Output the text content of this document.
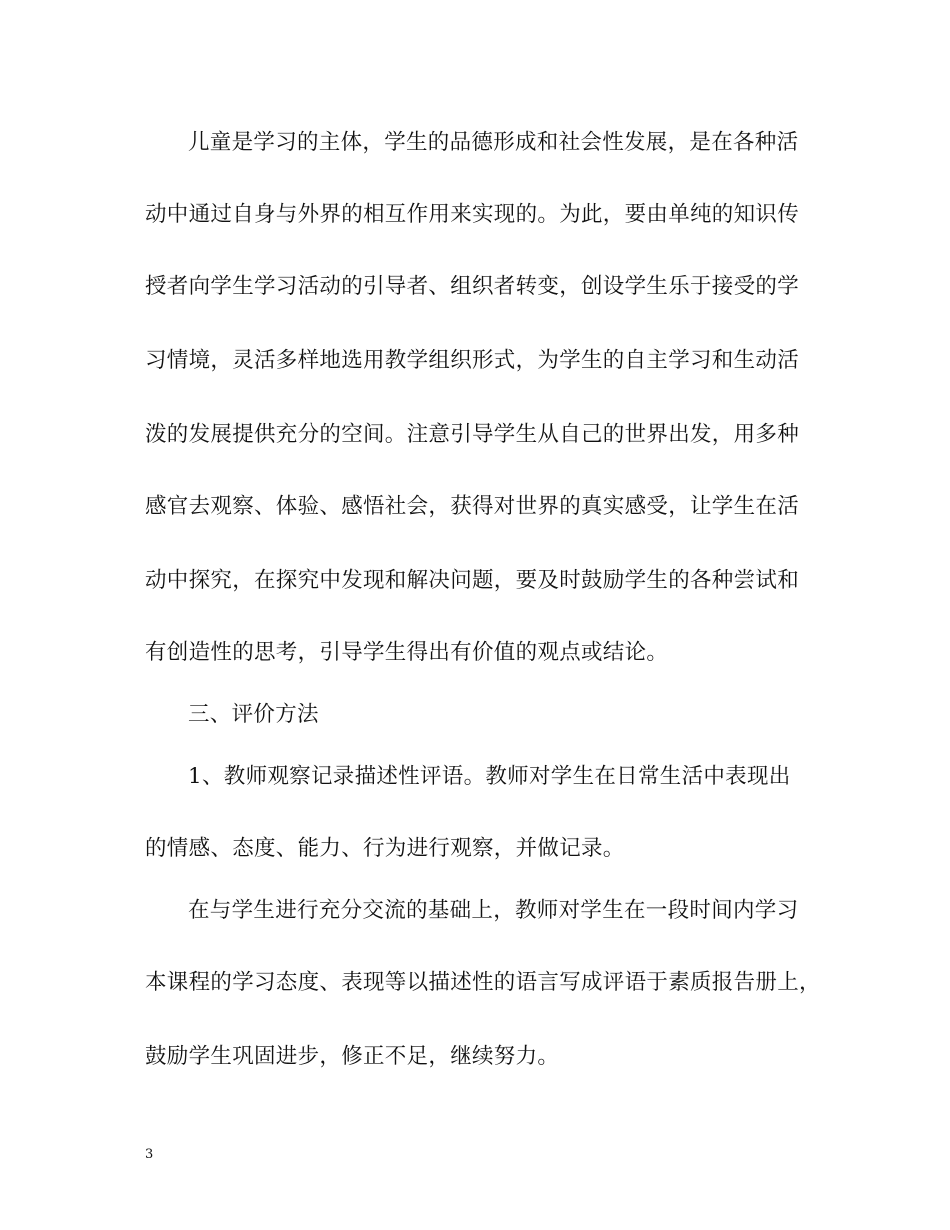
儿童是学习的主体，学生的品德形成和社会性发展，是在各种活
动中通过自身与外界的相互作用来实现的。为此，要由单纯的知识传
授者向学生学习活动的引导者、组织者转变，创设学生乐于接受的学
习情境，灵活多样地选用教学组织形式，为学生的自主学习和生动活
泼的发展提供充分的空间。注意引导学生从自己的世界出发，用多种
感官去观察、体验、感悟社会，获得对世界的真实感受，让学生在活
动中探究，在探究中发现和解决问题，要及时鼓励学生的各种尝试和
有创造性的思考，引导学生得出有价值的观点或结论。
三、评价方法
1、教师观察记录描述性评语。教师对学生在日常生活中表现出
的情感、态度、能力、行为进行观察，并做记录。
在与学生进行充分交流的基础上，教师对学生在一段时间内学习
本课程的学习态度、表现等以描述性的语言写成评语于素质报告册上，
鼓励学生巩固进步，修正不足，继续努力。
3
